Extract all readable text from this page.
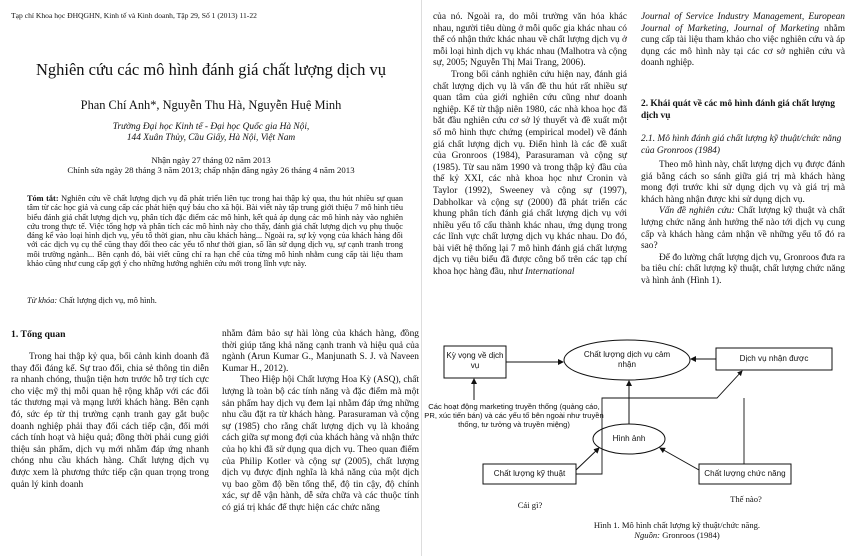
Tạp chí Khoa học ĐHQGHN, Kinh tế và Kinh doanh, Tập 29, Số 1 (2013) 11-22
Nghiên cứu các mô hình đánh giá chất lượng dịch vụ
Phan Chí Anh*, Nguyễn Thu Hà, Nguyễn Huệ Minh
Trường Đại học Kinh tế - Đại học Quốc gia Hà Nội,
144 Xuân Thủy, Cầu Giấy, Hà Nội, Việt Nam
Nhận ngày 27 tháng 02 năm 2013
Chỉnh sửa ngày 28 tháng 3 năm 2013; chấp nhận đăng ngày 26 tháng 4 năm 2013
Tóm tắt: Nghiên cứu về chất lượng dịch vụ đã phát triển liên tục trong hai thập kỷ qua, thu hút nhiều sự quan tâm từ các học giả và cung cấp các phát hiện quý báu cho xã hội. Bài viết này tập trung giới thiệu 7 mô hình tiêu biểu đánh giá chất lượng dịch vụ, phân tích đặc điểm các mô hình, kết quả áp dụng các mô hình này vào nghiên cứu trong thực tế. Việc tổng hợp và phân tích các mô hình này cho thấy, đánh giá chất lượng dịch vụ phụ thuộc đáng kể vào loại hình dịch vụ, yếu tố thời gian, nhu cầu khách hàng... Ngoài ra, sự kỳ vọng của khách hàng đối với các dịch vụ cụ thể cũng thay đổi theo các yếu tố như thời gian, số lần sử dụng dịch vụ, sự cạnh tranh trong môi trường ngành... Bên cạnh đó, bài viết cũng chỉ ra hạn chế của từng mô hình nhằm cung cấp tài liệu tham khảo cũng như cung cấp gợi ý cho những hướng nghiên cứu mới trong lĩnh vực này.
Từ khóa: Chất lượng dịch vụ, mô hình.
1. Tổng quan

Trong hai thập kỷ qua, bối cảnh kinh doanh đã thay đổi đáng kể. Sự trao đổi, chia sẻ thông tin diễn ra nhanh chóng, thuận tiện hơn trước hỗ trợ tích cực cho việc mỹ thị mỗi quan hệ rộng khắp với các đối tác thương mại và mạng lưới khách hàng. Bên cạnh đó, sức ép từ thị trường cạnh tranh gay gắt buộc doanh nghiệp phải thay đổi cách tiếp cận, đổi mới cách tính hoạt và hiệu quả; đồng thời phải cung giới thiệu sản phẩm, dịch vụ mới nhằm đáp ứng nhanh chóng nhu cầu khách hàng. Chất lượng dịch vụ được xem là phương thức tiếp cận quan trọng trong quản lý kinh doanh

nhằm đảm bảo sự hài lòng của khách hàng, đồng thời giúp tăng khả năng cạnh tranh và hiệu quả của ngành (Arun Kumar G., Manjunath S. J. và Naveen Kumar H., 2012).

Theo Hiệp hội Chất lượng Hoa Kỳ (ASQ), chất lượng là toàn bộ các tính năng và đặc điểm mà một sản phẩm hay dịch vụ đem lại nhằm đáp ứng những nhu cầu đặt ra từ khách hàng. Parasuraman và cộng sự (1985) cho rằng chất lượng dịch vụ là khoảng cách giữa sự mong đợi của khách hàng và nhận thức của họ khi đã sử dụng qua dịch vụ. Theo quan điểm của Philip Kotler và cộng sự (2005), chất lượng dịch vụ được định nghĩa là khả năng của một dịch vụ bao gồm độ bền tổng thể, độ tin cậy, độ chính xác, sự dễ vận hành, dễ sửa chữa và các thuộc tính có giá trị khác để thực hiện các chức năng

của nó. Ngoài ra, do môi trường văn hóa khác nhau, người tiêu dùng ở mỗi quốc gia khác nhau có thể có nhận thức khác nhau về chất lượng dịch vụ ở mỗi loại hình dịch vụ khác nhau (Malhotra và cộng sự, 2005; Nguyễn Thị Mai Trang, 2006).

Trong bối cảnh nghiên cứu hiện nay, đánh giá chất lượng dịch vụ là vấn đề thu hút rất nhiều sự quan tâm của giới nghiên cứu cũng như doanh nghiệp. Kể từ thập niên 1980, các nhà khoa học đã bắt đầu nghiên cứu cơ sở lý thuyết và đề xuất một số mô hình thực chứng (empirical model) về đánh giá chất lượng dịch vụ. Điển hình là các đề xuất của Gronroos (1984), Parasuraman và cộng sự (1985). Từ sau năm 1990 và trong thập kỷ đầu của thế kỷ XXI, các nhà khoa học như Cronin và Taylor (1992), Sweeney và cộng sự (1997), Dabholkar và cộng sự (2000) đã phát triển các khung phân tích đánh giá chất lượng dịch vụ với nhiều yếu tố cấu thành khác nhau, ứng dụng trong các lĩnh vực chất lượng dịch vụ khác nhau. Do đó, bài viết hệ thống lại 7 mô hình đánh giá chất lượng dịch vụ tiêu biểu đã được công bố trên các tạp chí khoa học hàng đầu, như International

Journal of Service Industry Management, European Journal of Marketing, Journal of Marketing nhằm cung cấp tài liệu tham khảo cho việc nghiên cứu và áp dụng các mô hình này tại các cơ sở nghiên cứu và doanh nghiệp.

2. Khái quát về các mô hình đánh giá chất lượng dịch vụ
2.1. Mô hình đánh giá chất lượng kỹ thuật/chức năng của Gronroos (1984)

Theo mô hình này, chất lượng dịch vụ được đánh giá bằng cách so sánh giữa giá trị mà khách hàng mong đợi trước khi sử dụng dịch vụ và giá trị mà khách hàng nhận được khi sử dụng dịch vụ.

Vấn đề nghiên cứu: Chất lượng kỹ thuật và chất lượng chức năng ảnh hưởng thế nào tới dịch vụ cung cấp và khách hàng cảm nhận về những yếu tố đó ra sao?

Để đo lường chất lượng dịch vụ, Gronroos đưa ra ba tiêu chí: chất lượng kỹ thuật, chất lượng chức năng và hình ảnh (Hình 1).

Kỳ vọng về dịch vụ
Chất lượng dịch vụ cảm nhận
Dịch vụ nhận được
Các hoạt động marketing truyền thống (quảng cáo, PR, xúc tiến bán) và các yếu tố bên ngoài như truyền thống, tư tưởng và truyền miệng)
Hình ảnh
Chất lượng kỹ thuật	Chất lượng chức năng
Cái gì?
Thế nào?
Hình 1. Mô hình chất lượng kỹ thuật/chức năng.
Nguồn: Gronroos (1984)
